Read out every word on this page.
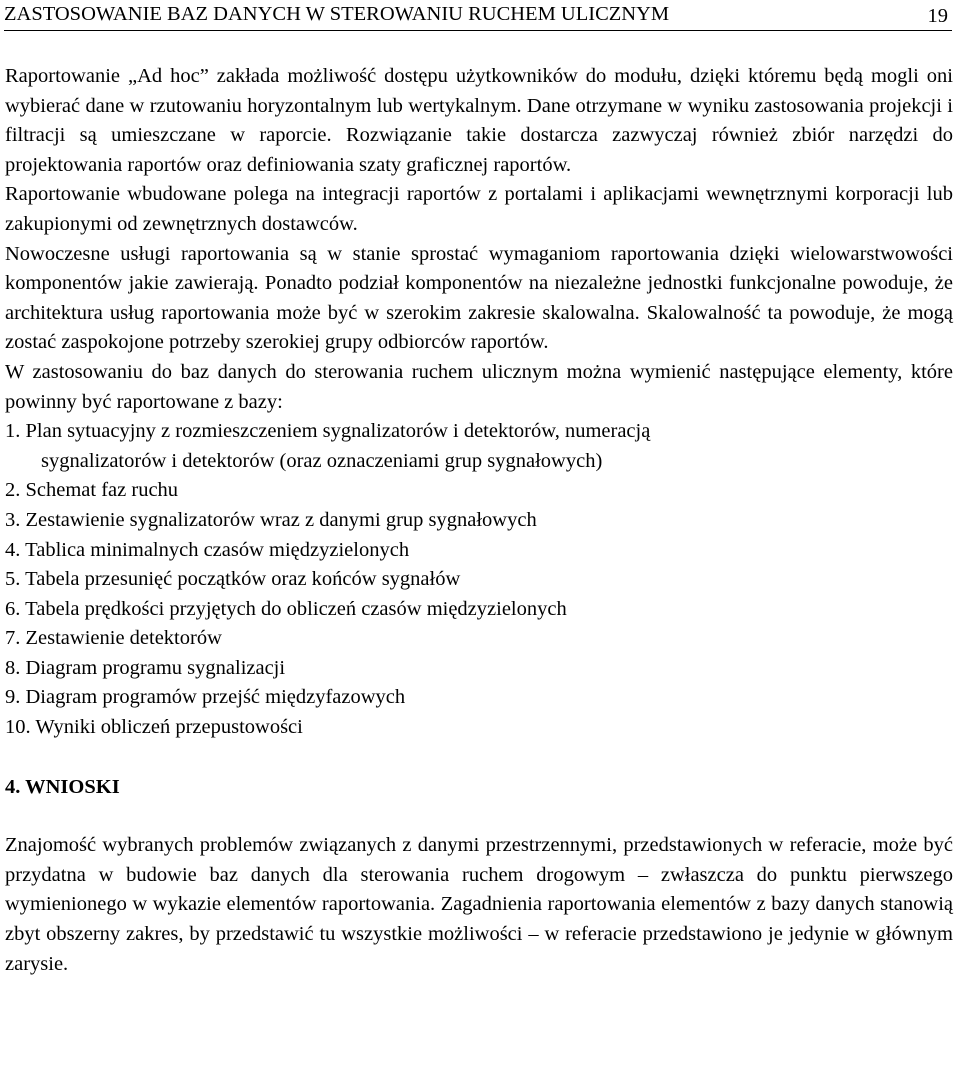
ZASTOSOWANIE BAZ DANYCH W STEROWANIU RUCHEM ULICZNYM	19

Raportowanie „Ad hoc” zakłada możliwość dostępu użytkowników do modułu, dzięki któremu będą mogli oni wybierać dane w rzutowaniu horyzontalnym lub wertykalnym. Dane otrzymane w wyniku zastosowania projekcji i filtracji są umieszczane w raporcie. Rozwiązanie takie dostarcza zazwyczaj również zbiór narzędzi do projektowania raportów oraz definiowania szaty graficznej raportów.

Raportowanie wbudowane polega na integracji raportów z portalami i aplikacjami wewnętrznymi korporacji lub zakupionymi od zewnętrznych dostawców.

Nowoczesne usługi raportowania są w stanie sprostać wymaganiom raportowania dzięki wielowarstwowości komponentów jakie zawierają. Ponadto podział komponentów na niezależne jednostki funkcjonalne powoduje, że architektura usług raportowania może być w szerokim zakresie skalowalna. Skalowalność ta powoduje, że mogą zostać zaspokojone potrzeby szerokiej grupy odbiorców raportów.

W zastosowaniu do baz danych do sterowania ruchem ulicznym można wymienić następujące elementy, które powinny być raportowane z bazy:

1. Plan sytuacyjny z rozmieszczeniem sygnalizatorów i detektorów, numeracją
sygnalizatorów i detektorów (oraz oznaczeniami grup sygnałowych)
2. Schemat faz ruchu
3. Zestawienie sygnalizatorów wraz z danymi grup sygnałowych
4. Tablica minimalnych czasów międzyzielonych
5. Tabela przesunięć początków oraz końców sygnałów
6. Tabela prędkości przyjętych do obliczeń czasów międzyzielonych
7. Zestawienie detektorów
8. Diagram programu sygnalizacji
9. Diagram programów przejść międzyfazowych
10. Wyniki obliczeń przepustowości
4. WNIOSKI

Znajomość wybranych problemów związanych z danymi przestrzennymi, przedstawionych w referacie, może być przydatna w budowie baz danych dla sterowania ruchem drogowym – zwłaszcza do punktu pierwszego wymienionego w wykazie elementów raportowania. Zagadnienia raportowania elementów z bazy danych stanowią zbyt obszerny zakres, by przedstawić tu wszystkie możliwości – w referacie przedstawiono je jedynie w głównym zarysie.
